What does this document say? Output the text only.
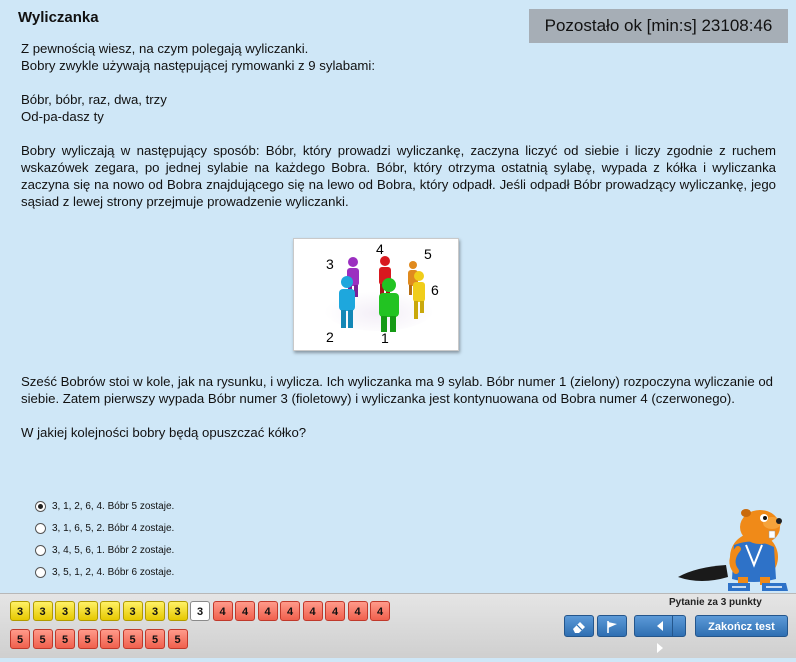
Wyliczanka	Pozostało ok [min:s] 23108:46

Z pewnością wiesz, na czym polegają wyliczanki.

Bobry zwykle używają następującej rymowanki z 9 sylabami:

Bóbr, bóbr, raz, dwa, trzy

Od-pa-dasz ty

Bobry wyliczają w następujący sposób: Bóbr, który prowadzi wyliczankę, zaczyna liczyć od siebie i liczy zgodnie z ruchem wskazówek zegara, po jednej sylabie na każdego Bobra. Bóbr, który otrzyma ostatnią sylabę, wypada z kółka i wyliczanka zaczyna się na nowo od Bobra znajdującego się na lewo od Bobra, który odpadł. Jeśli odpadł Bóbr prowadzący wyliczankę, jego sąsiad z lewej strony przejmuje prowadzenie wyliczanki.

3
4	5
6
2	1

Sześć Bobrów stoi w kole, jak na rysunku, i wylicza. Ich wyliczanka ma 9 sylab. Bóbr numer 1 (zielony) rozpoczyna wyliczanie od siebie. Zatem pierwszy wypada Bóbr numer 3 (fioletowy) i wyliczanka jest kontynuowana od Bobra numer 4 (czerwonego).

W jakiej kolejności bobry będą opuszczać kółko?

3, 1, 2, 6, 4. Bóbr 5 zostaje.
3, 1, 6, 5, 2. Bóbr 4 zostaje.
3, 4, 5, 6, 1. Bóbr 2 zostaje.
3, 5, 1, 2, 4. Bóbr 6 zostaje.
3	3	3	3	3	3	3	3	3	4	4	4	4	4	4	4	4
5	5	5	5	5	5	5	5
Pytanie za 3 punkty
Zakończ test
